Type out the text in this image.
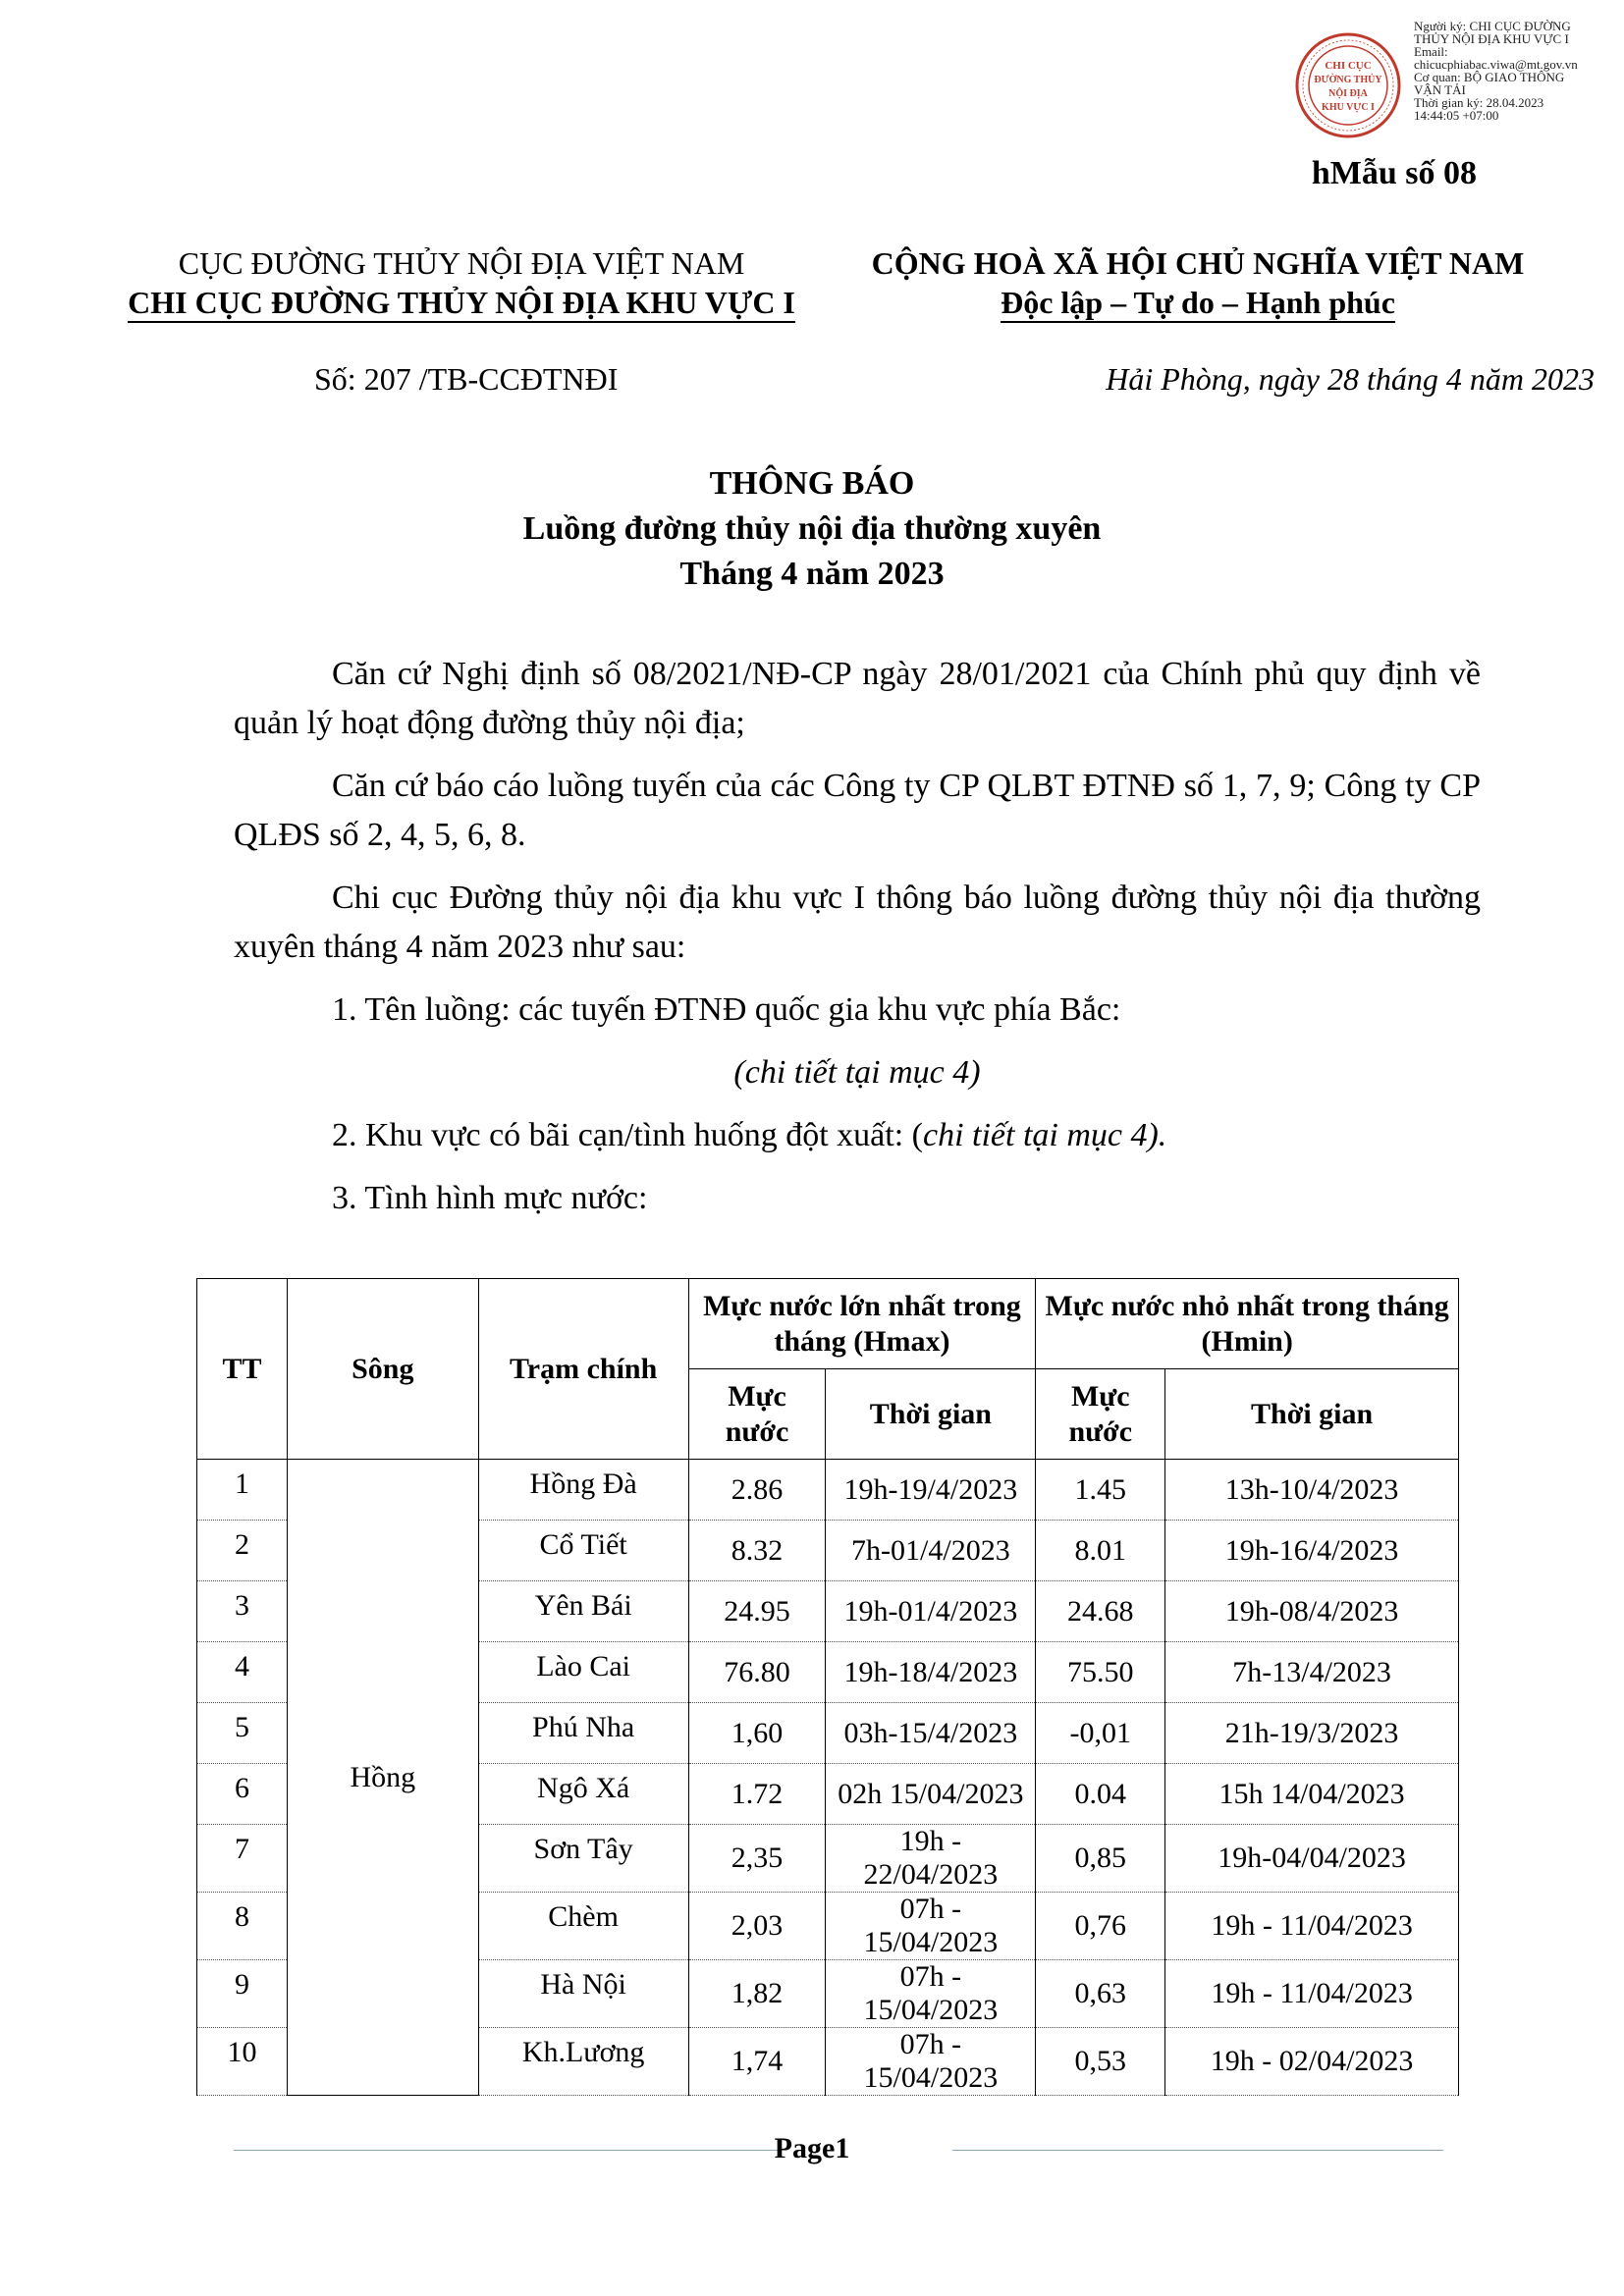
CHI CỤC
ĐƯỜNG THỦY
NỘI ĐỊA
KHU VỰC I
Người ký: CHI CỤC ĐƯỜNG
THỦY NỘI ĐỊA KHU VỰC I
Email:
chicucphiabac.viwa@mt.gov.vn
Cơ quan: BỘ GIAO THÔNG
VẬN TẢI
Thời gian ký: 28.04.2023
14:44:05 +07:00
hMẫu số 08
CỤC ĐƯỜNG THỦY NỘI ĐỊA VIỆT NAM
CHI CỤC ĐƯỜNG THỦY NỘI ĐỊA KHU VỰC I
CỘNG HOÀ XÃ HỘI CHỦ NGHĨA VIỆT NAM
Độc lập – Tự do – Hạnh phúc
Số: 207 /TB-CCĐTNĐI	Hải Phòng, ngày 28 tháng 4 năm 2023
THÔNG BÁO
Luồng đường thủy nội địa thường xuyên
Tháng 4 năm 2023

Căn cứ Nghị định số 08/2021/NĐ-CP ngày 28/01/2021 của Chính phủ quy định về quản lý hoạt động đường thủy nội địa;

Căn cứ báo cáo luồng tuyến của các Công ty CP QLBT ĐTNĐ số 1, 7, 9; Công ty CP QLĐS số 2, 4, 5, 6, 8.

Chi cục Đường thủy nội địa khu vực I thông báo luồng đường thủy nội địa thường xuyên tháng 4 năm 2023 như sau:

1. Tên luồng: các tuyến ĐTNĐ quốc gia khu vực phía Bắc:

(chi tiết tại mục 4)

2. Khu vực có bãi cạn/tình huống đột xuất: (chi tiết tại mục 4).

3. Tình hình mực nước:

TT	Sông	Trạm chính	Mực nước lớn nhất trong tháng (Hmax)		Mực nước nhỏ nhất trong tháng (Hmin)	
			Mực nước	Thời gian	Mực nước	Thời gian
1	Hồng	Hồng Đà	2.86	19h-19/4/2023	1.45	13h-10/4/2023
2		Cổ Tiết	8.32	7h-01/4/2023	8.01	19h-16/4/2023
3		Yên Bái	24.95	19h-01/4/2023	24.68	19h-08/4/2023
4		Lào Cai	76.80	19h-18/4/2023	75.50	7h-13/4/2023
5		Phú Nha	1,60	03h-15/4/2023	-0,01	21h-19/3/2023
6		Ngô Xá	1.72	02h 15/04/2023	0.04	15h 14/04/2023
7		Sơn Tây	2,35	19h - 22/04/2023	0,85	19h-04/04/2023
8		Chèm	2,03	07h - 15/04/2023	0,76	19h - 11/04/2023
9		Hà Nội	1,82	07h - 15/04/2023	0,63	19h - 11/04/2023
10		Kh.Lương	1,74	07h - 15/04/2023	0,53	19h - 02/04/2023
Page1
